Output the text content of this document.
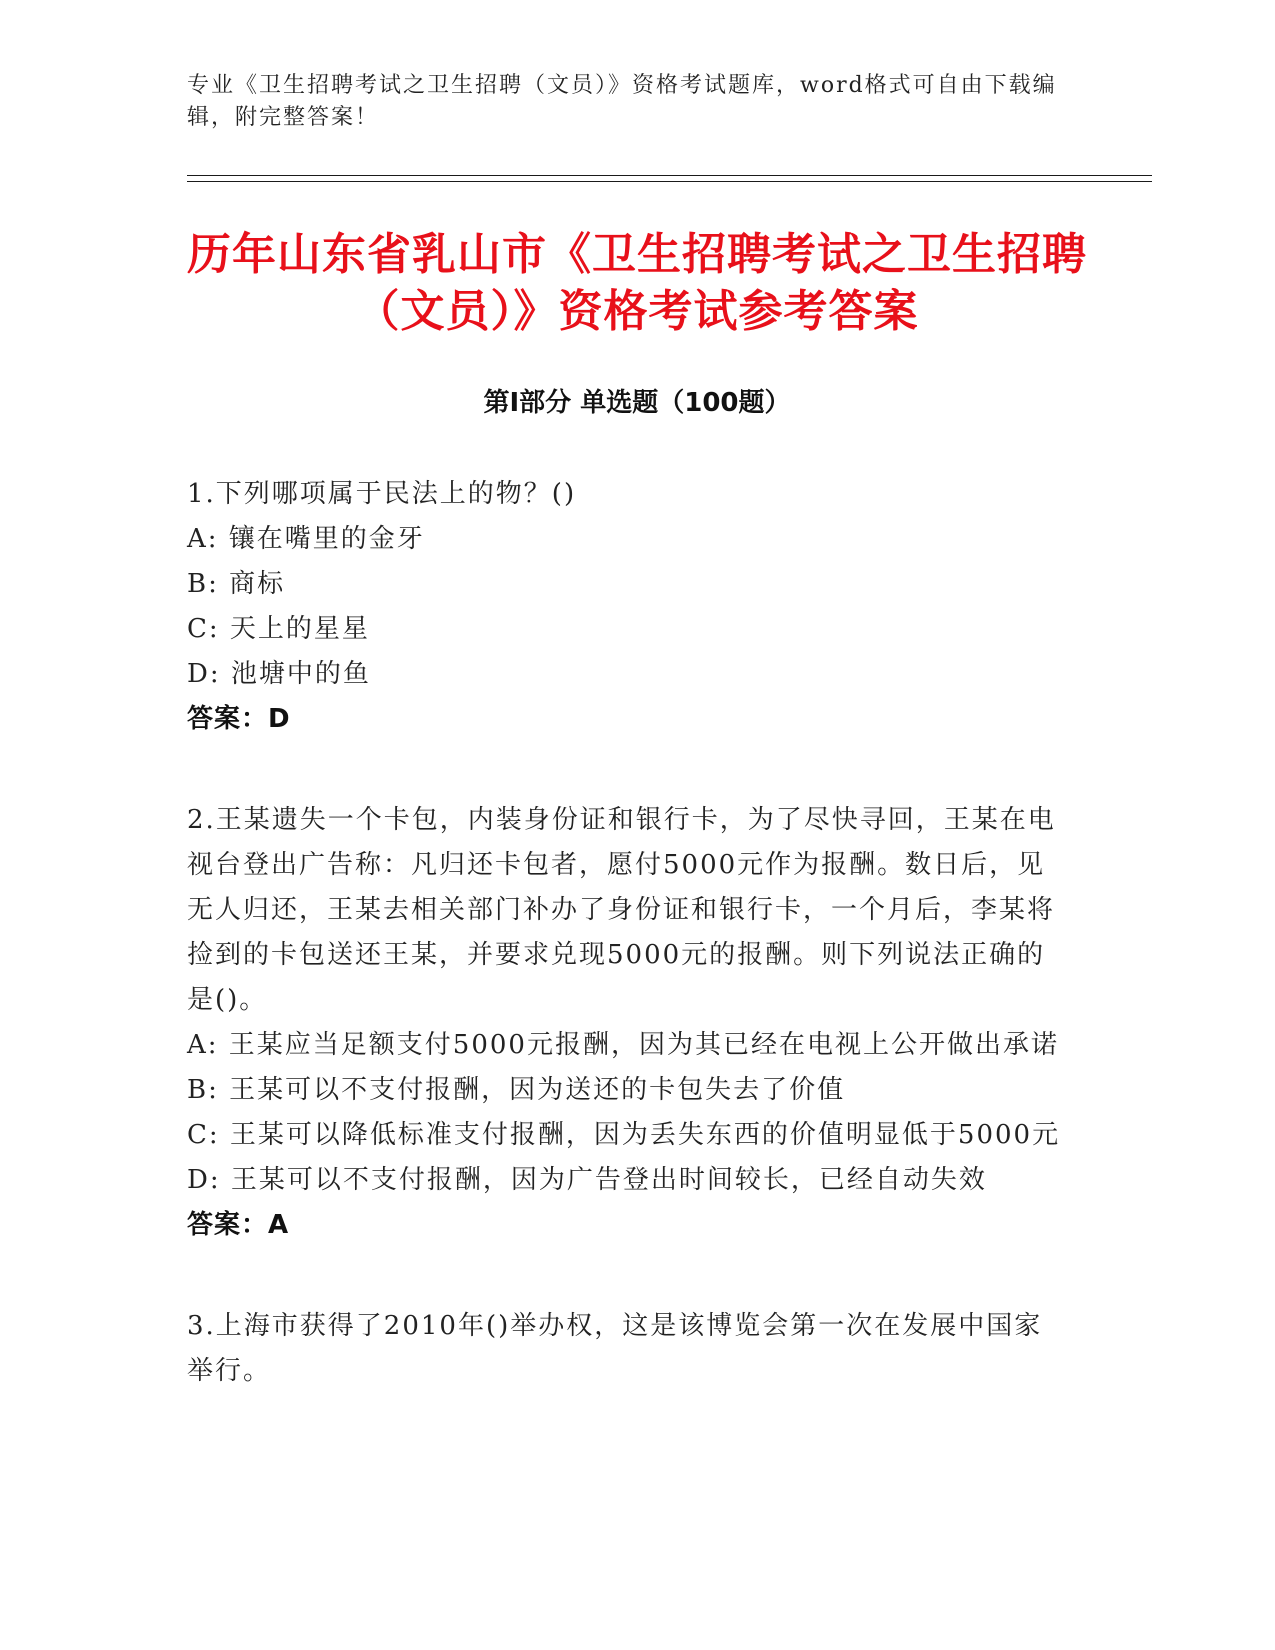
专业《卫生招聘考试之卫生招聘（文员）》资格考试题库，word格式可自由下载编辑，附完整答案！
历年山东省乳山市《卫生招聘考试之卫生招聘（文员）》资格考试参考答案
第Ⅰ部分 单选题（100题）
1.下列哪项属于民法上的物？()
A: 镶在嘴里的金牙
B: 商标
C: 天上的星星
D: 池塘中的鱼
答案：D
2.王某遗失一个卡包，内装身份证和银行卡，为了尽快寻回，王某在电视台登出广告称：凡归还卡包者，愿付5000元作为报酬。数日后，见无人归还，王某去相关部门补办了身份证和银行卡，一个月后，李某将捡到的卡包送还王某，并要求兑现5000元的报酬。则下列说法正确的是()。
A: 王某应当足额支付5000元报酬，因为其已经在电视上公开做出承诺
B: 王某可以不支付报酬，因为送还的卡包失去了价值
C: 王某可以降低标准支付报酬，因为丢失东西的价值明显低于5000元
D: 王某可以不支付报酬，因为广告登出时间较长，已经自动失效
答案：A
3.上海市获得了2010年()举办权，这是该博览会第一次在发展中国家举行。
